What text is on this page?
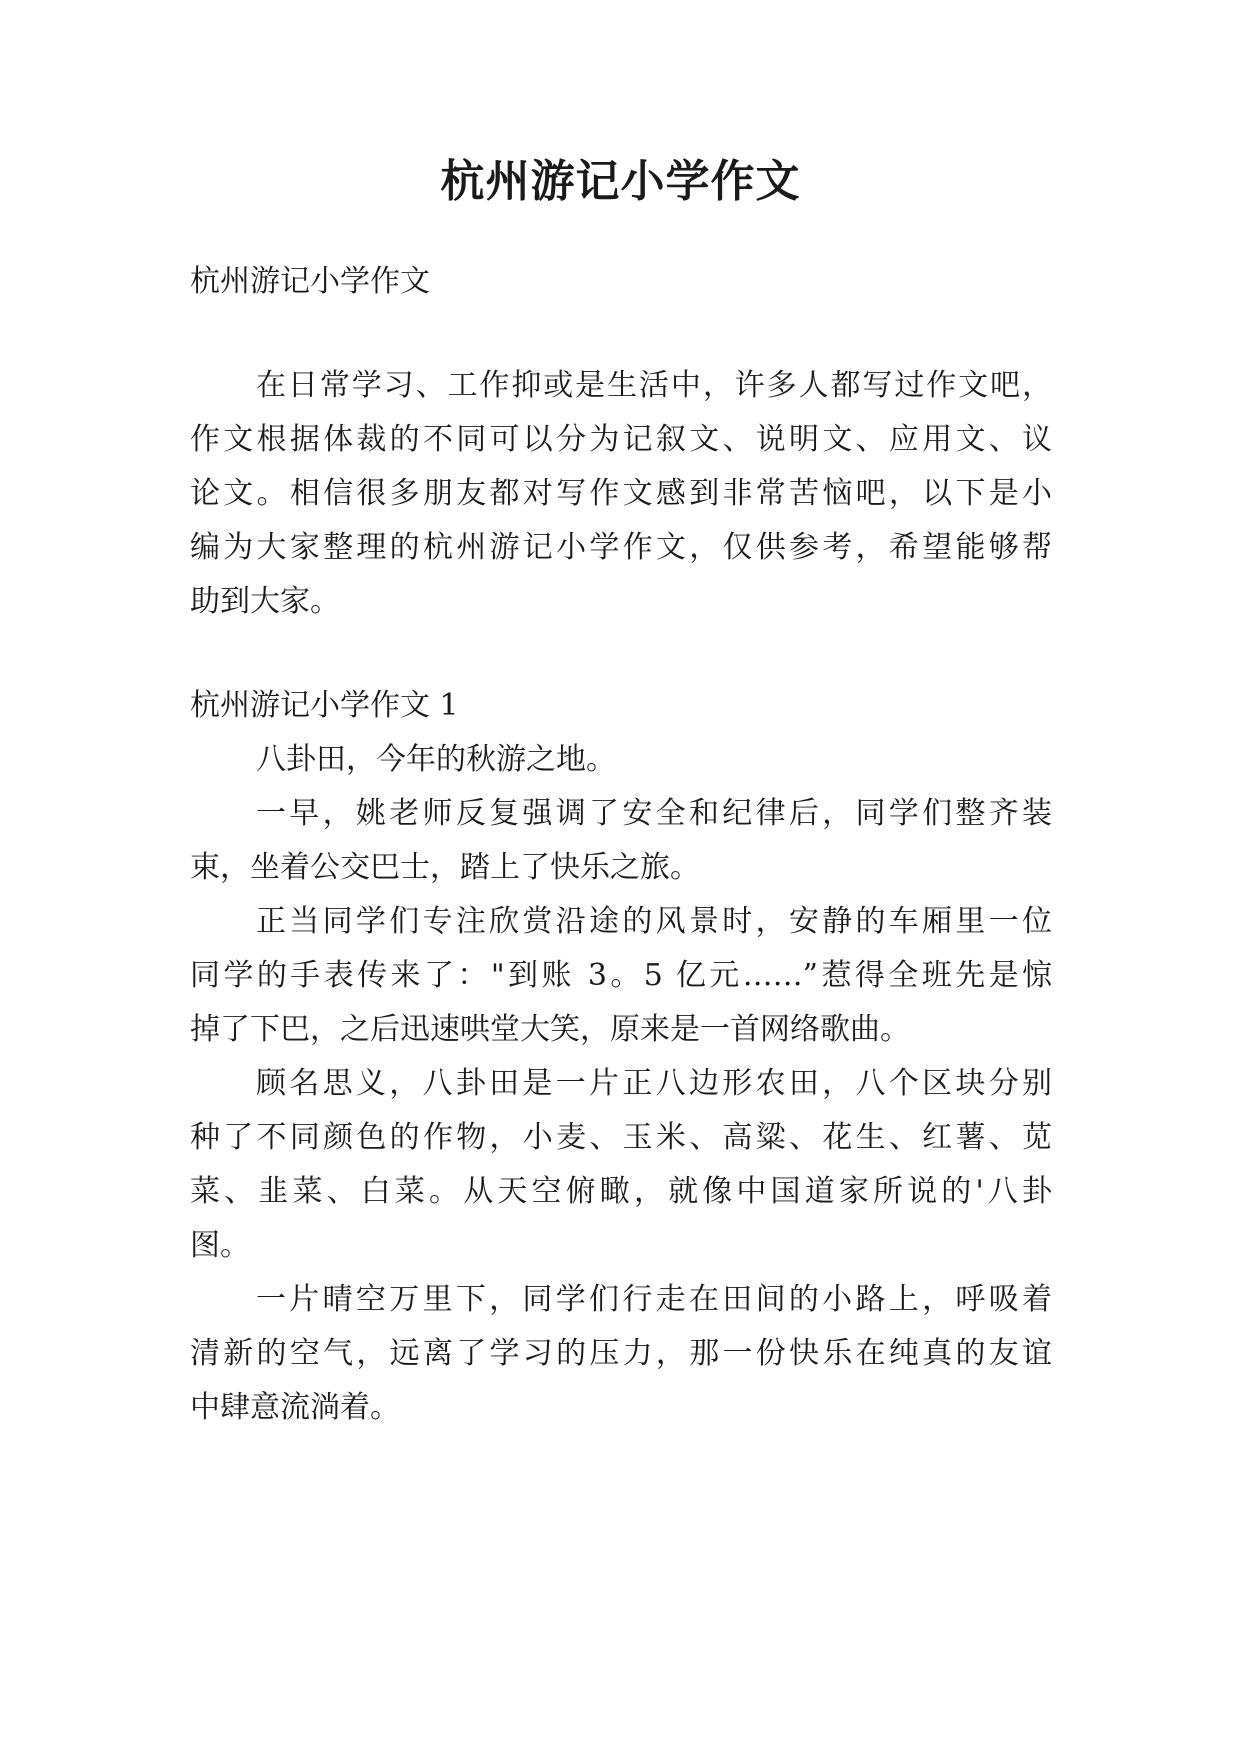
杭州游记小学作文

杭州游记小学作文

在日常学习、工作抑或是生活中，许多人都写过作文吧，

作文根据体裁的不同可以分为记叙文、说明文、应用文、议

论文。相信很多朋友都对写作文感到非常苦恼吧，以下是小

编为大家整理的杭州游记小学作文，仅供参考，希望能够帮

助到大家。

杭州游记小学作文 1

八卦田，今年的秋游之地。

一早，姚老师反复强调了安全和纪律后，同学们整齐装

束，坐着公交巴士，踏上了快乐之旅。

正当同学们专注欣赏沿途的风景时，安静的车厢里一位

同学的手表传来了："到账 3。5 亿元……”惹得全班先是惊

掉了下巴，之后迅速哄堂大笑，原来是一首网络歌曲。

顾名思义，八卦田是一片正八边形农田，八个区块分别

种了不同颜色的作物，小麦、玉米、高粱、花生、红薯、苋

菜、韭菜、白菜。从天空俯瞰，就像中国道家所说的'八卦

图。

一片晴空万里下，同学们行走在田间的小路上，呼吸着

清新的空气，远离了学习的压力，那一份快乐在纯真的友谊

中肆意流淌着。
